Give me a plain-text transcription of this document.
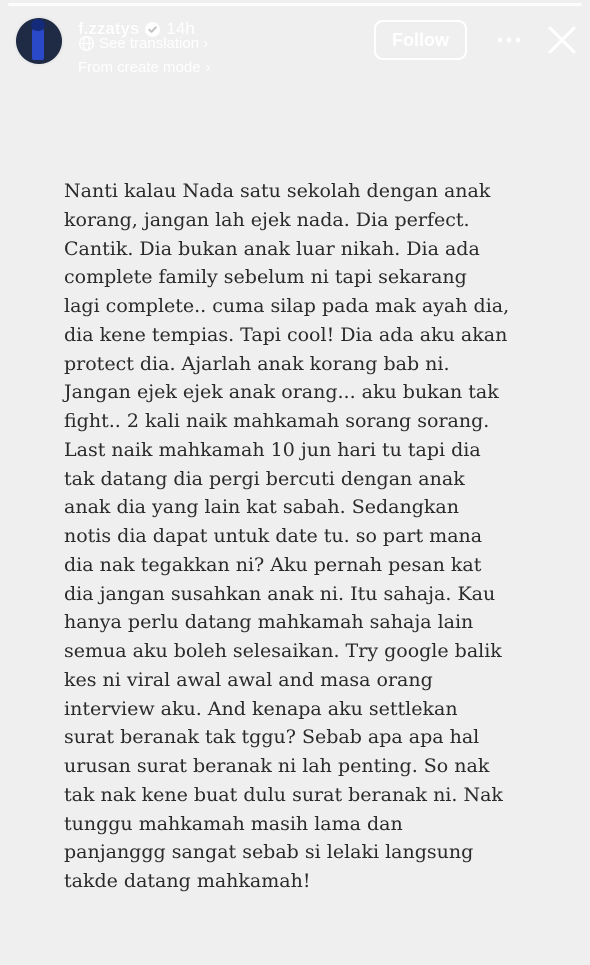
f.zzatys 14h
See translation ›
From create mode ›
Follow

Nanti kalau Nada satu sekolah dengan anak
korang, jangan lah ejek nada. Dia perfect.
Cantik. Dia bukan anak luar nikah. Dia ada
complete family sebelum ni tapi sekarang
lagi complete.. cuma silap pada mak ayah dia,
dia kene tempias. Tapi cool! Dia ada aku akan
protect dia. Ajarlah anak korang bab ni.
Jangan ejek ejek anak orang... aku bukan tak
fight.. 2 kali naik mahkamah sorang sorang.
Last naik mahkamah 10 jun hari tu tapi dia
tak datang dia pergi bercuti dengan anak
anak dia yang lain kat sabah. Sedangkan
notis dia dapat untuk date tu. so part mana
dia nak tegakkan ni? Aku pernah pesan kat
dia jangan susahkan anak ni. Itu sahaja. Kau
hanya perlu datang mahkamah sahaja lain
semua aku boleh selesaikan. Try google balik
kes ni viral awal awal and masa orang
interview aku. And kenapa aku settlekan
surat beranak tak tggu? Sebab apa apa hal
urusan surat beranak ni lah penting. So nak
tak nak kene buat dulu surat beranak ni. Nak
tunggu mahkamah masih lama dan
panjanggg sangat sebab si lelaki langsung
takde datang mahkamah!
